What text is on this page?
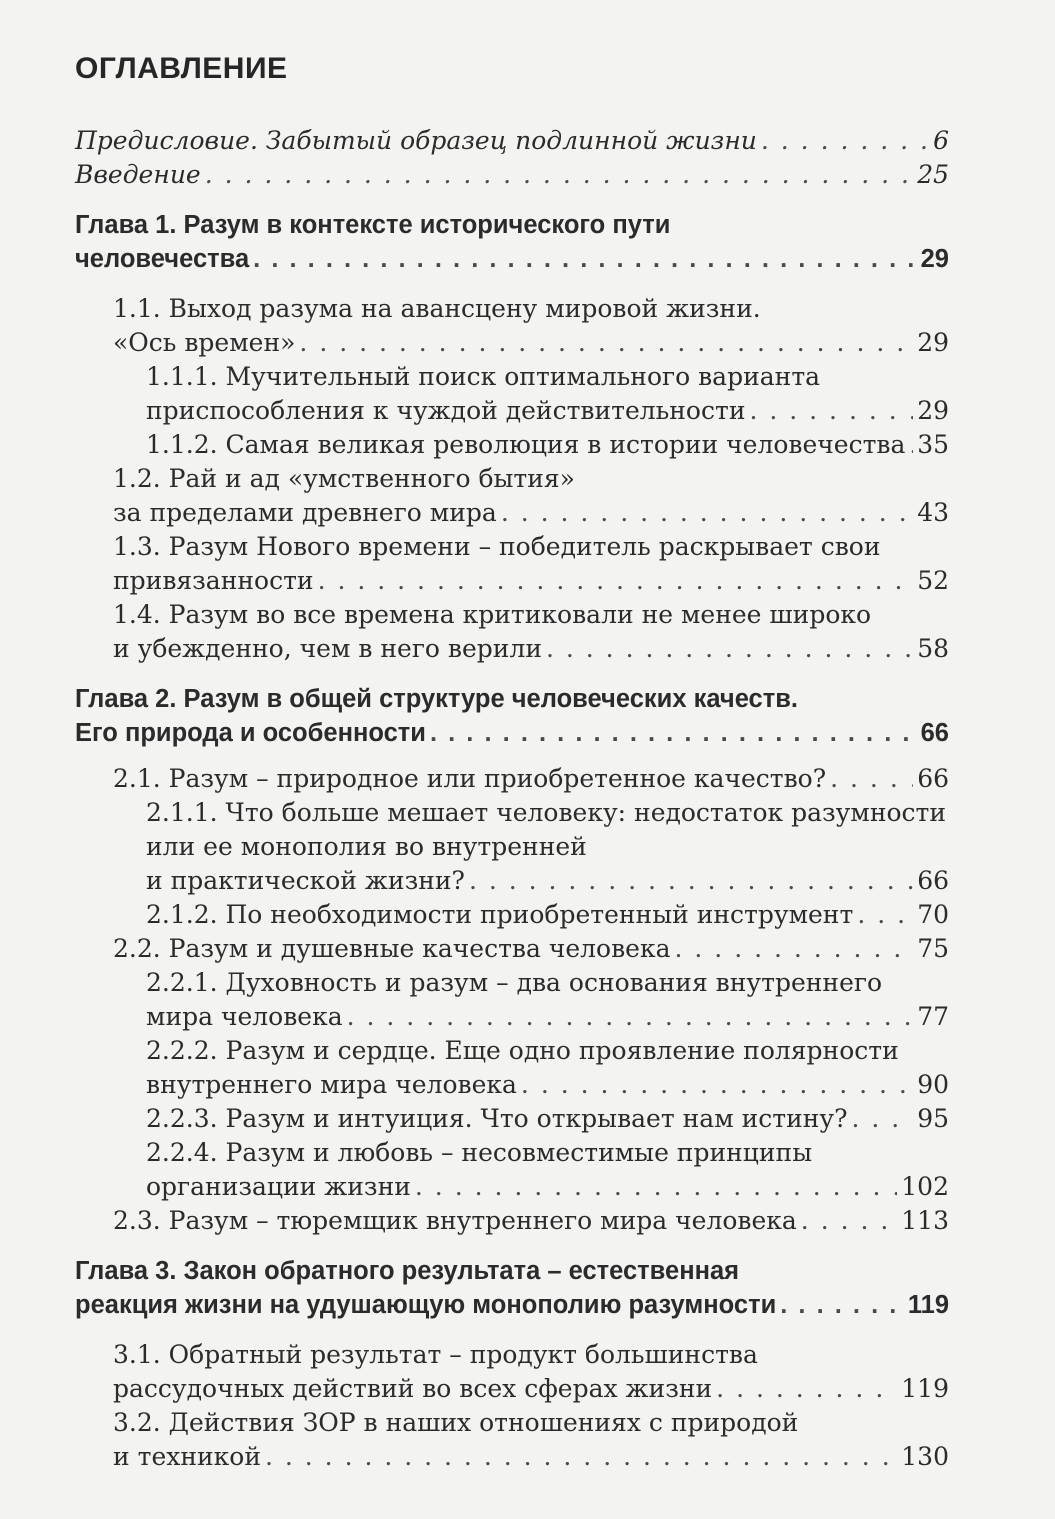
ОГЛАВЛЕНИЕ
Предисловие. Забытый образец подлинной жизни . . .	6
Введение . . .	25
Глава 1. Разум в контексте исторического пути
человечества . . .	29
1.1. Выход разума на авансцену мировой жизни.
«Ось времен» . . .	29
1.1.1. Мучительный поиск оптимального варианта
приспособления к чуждой действительности . . .	29
1.1.2. Самая великая революция в истории человечества . . . 35
1.2. Рай и ад «умственного бытия»
за пределами древнего мира . . .	43
1.3. Разум Нового времени – победитель раскрывает свои
привязанности . . .	52
1.4. Разум во все времена критиковали не менее широко
и убежденно, чем в него верили . . .	58
Глава 2. Разум в общей структуре человеческих качеств.
Его природа и особенности . . .	66
2.1. Разум – природное или приобретенное качество? . . .	66
2.1.1. Что больше мешает человеку: недостаток разумности
или ее монополия во внутренней
и практической жизни? . . .	66
2.1.2. По необходимости приобретенный инструмент . . .	70
2.2. Разум и душевные качества человека . . .	75
2.2.1. Духовность и разум – два основания внутреннего
мира человека . . .	77
2.2.2. Разум и сердце. Еще одно проявление полярности
внутреннего мира человека . . .	90
2.2.3. Разум и интуиция. Что открывает нам истину? . . .	95
2.2.4. Разум и любовь – несовместимые принципы
организации жизни . . .	102
2.3. Разум – тюремщик внутреннего мира человека . . .	113
Глава 3. Закон обратного результата – естественная
реакция жизни на удушающую монополию разумности . . .	119
3.1. Обратный результат – продукт большинства
рассудочных действий во всех сферах жизни . . .	119
3.2. Действия ЗОР в наших отношениях с природой
и техникой . . .	130
